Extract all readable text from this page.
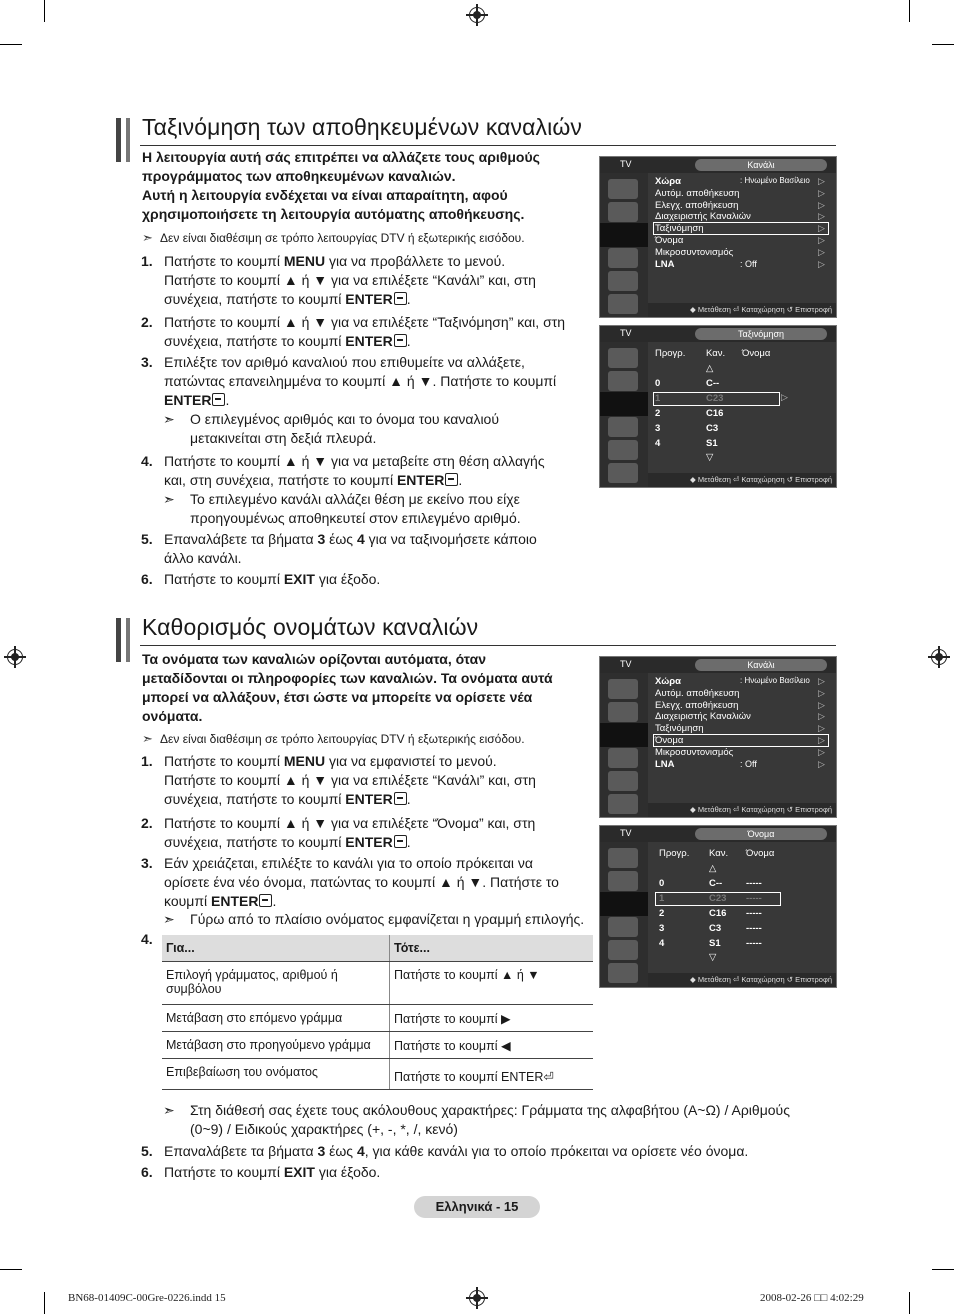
Ταξινόμηση των αποθηκευμένων καναλιών
Η λειτουργία αυτή σάς επιτρέπει να αλλάζετε τους αριθμούς
προγράμματος των αποθηκευμένων καναλιών.
Αυτή η λειτουργία ενδέχεται να είναι απαραίτητη, αφού
χρησιμοποιήσετε τη λειτουργία αυτόματης αποθήκευσης.
➣ Δεν είναι διαθέσιμη σε τρόπο λειτουργίας DTV ή εξωτερικής εισόδου.
1. Πατήστε το κουμπί MENU για να προβάλλετε το μενού.
Πατήστε το κουμπί ▲ ή ▼ για να επιλέξετε “Κανάλι” και, στη
συνέχεια, πατήστε το κουμπί ENTER .
2. Πατήστε το κουμπί ▲ ή ▼ για να επιλέξετε “Ταξινόμηση” και, στη
συνέχεια, πατήστε το κουμπί ENTER .
3. Επιλέξτε τον αριθμό καναλιού που επιθυμείτε να αλλάξετε,
πατώντας επανειλημμένα το κουμπί ▲ ή ▼. Πατήστε το κουμπί
ENTER .
4. Πατήστε το κουμπί ▲ ή ▼ για να μεταβείτε στη θέση αλλαγής
και, στη συνέχεια, πατήστε το κουμπί ENTER .
5. Επαναλάβετε τα βήματα 3 έως 4 για να ταξινομήσετε κάποιο
άλλο κανάλι.
6. Πατήστε το κουμπί EXIT για έξοδο.
➣ Ο επιλεγμένος αριθμός και το όνομα του καναλιού
μετακινείται στη δεξιά πλευρά.
➣ Το επιλεγμένο κανάλι αλλάζει θέση με εκείνο που είχε
προηγουμένως αποθηκευτεί στον επιλεγμένο αριθμό.
Καθορισμός ονομάτων καναλιών
Τα ονόματα των καναλιών ορίζονται αυτόματα, όταν
μεταδίδονται οι πληροφορίες των καναλιών. Τα ονόματα αυτά
μπορεί να αλλάξουν, έτσι ώστε να μπορείτε να ορίσετε νέα
ονόματα.
➣ Δεν είναι διαθέσιμη σε τρόπο λειτουργίας DTV ή εξωτερικής εισόδου.
1. Πατήστε το κουμπί MENU για να εμφανιστεί το μενού.
Πατήστε το κουμπί ▲ ή ▼ για να επιλέξετε “Κανάλι” και, στη
συνέχεια, πατήστε το κουμπί ENTER .
2. Πατήστε το κουμπί ▲ ή ▼ για να επιλέξετε “Όνομα” και, στη
συνέχεια, πατήστε το κουμπί ENTER .
3. Εάν χρειάζεται, επιλέξτε το κανάλι για το οποίο πρόκειται να
ορίσετε ένα νέο όνομα, πατώντας το κουμπί ▲ ή ▼. Πατήστε το
κουμπί ENTER .
4.
5. Επαναλάβετε τα βήματα 3 έως 4, για κάθε κανάλι για το οποίο πρόκειται να ορίσετε νέο όνομα.
6. Πατήστε το κουμπί EXIT για έξοδο.
➣ Γύρω από το πλαίσιο ονόματος εμφανίζεται η γραμμή επιλογής.
Για...	Τότε...
Επιλογή γράμματος, αριθμού ή συμβόλου	Πατήστε το κουμπί ▲ ή ▼
Μετάβαση στο επόμενο γράμμα	Πατήστε το κουμπί ▶
Μετάβαση στο προηγούμενο γράμμα	Πατήστε το κουμπί ◀
Επιβεβαίωση του ονόματος	Πατήστε το κουμπί ENTER⏎
➣ Στη διάθεσή σας έχετε τους ακόλουθους χαρακτήρες: Γράμματα της αλφαβήτου (A~Ω) / Αριθμούς
(0~9) / Ειδικούς χαρακτήρες (+, -, *, /, κενό)
TV	Κανάλι
Χώρα	▷
Αυτόμ. αποθήκευση	▷
Ελεγχ. αποθήκευση	▷
Διαχειριστής Καναλιών	▷
Ταξινόμηση	▷
Όνομα	▷
Μικροσυντονισμός	▷
LNA	▷
: Ηνωμένο Βασίλειο
: Off
◆ Μετάθεση ⏎ Καταχώρηση ↺ Επιστροφή
TV	Ταξινόμηση
Προγρ. Καν. Όνομα
△
0	C--
1	C23
2	C16
3	C3
4	S1
▽
▷
◆ Μετάθεση ⏎ Καταχώρηση ↺ Επιστροφή
TV	Κανάλι
Χώρα	▷
Αυτόμ. αποθήκευση	▷
Ελεγχ. αποθήκευση	▷
Διαχειριστής Καναλιών	▷
Ταξινόμηση	▷
Όνομα	▷
Μικροσυντονισμός	▷
LNA	▷
: Ηνωμένο Βασίλειο
: Off
◆ Μετάθεση ⏎ Καταχώρηση ↺ Επιστροφή
TV	Όνομα
Προγρ. Καν. Όνομα
△
0	C--	-----
1	C23 -----
2	C16 -----
3	C3	-----
4	S1	-----
▽
◆ Μετάθεση ⏎ Καταχώρηση ↺ Επιστροφή
Ελληνικά - 15
BN68-01409C-00Gre-0226.indd 15	2008-02-26 □□ 4:02:29
